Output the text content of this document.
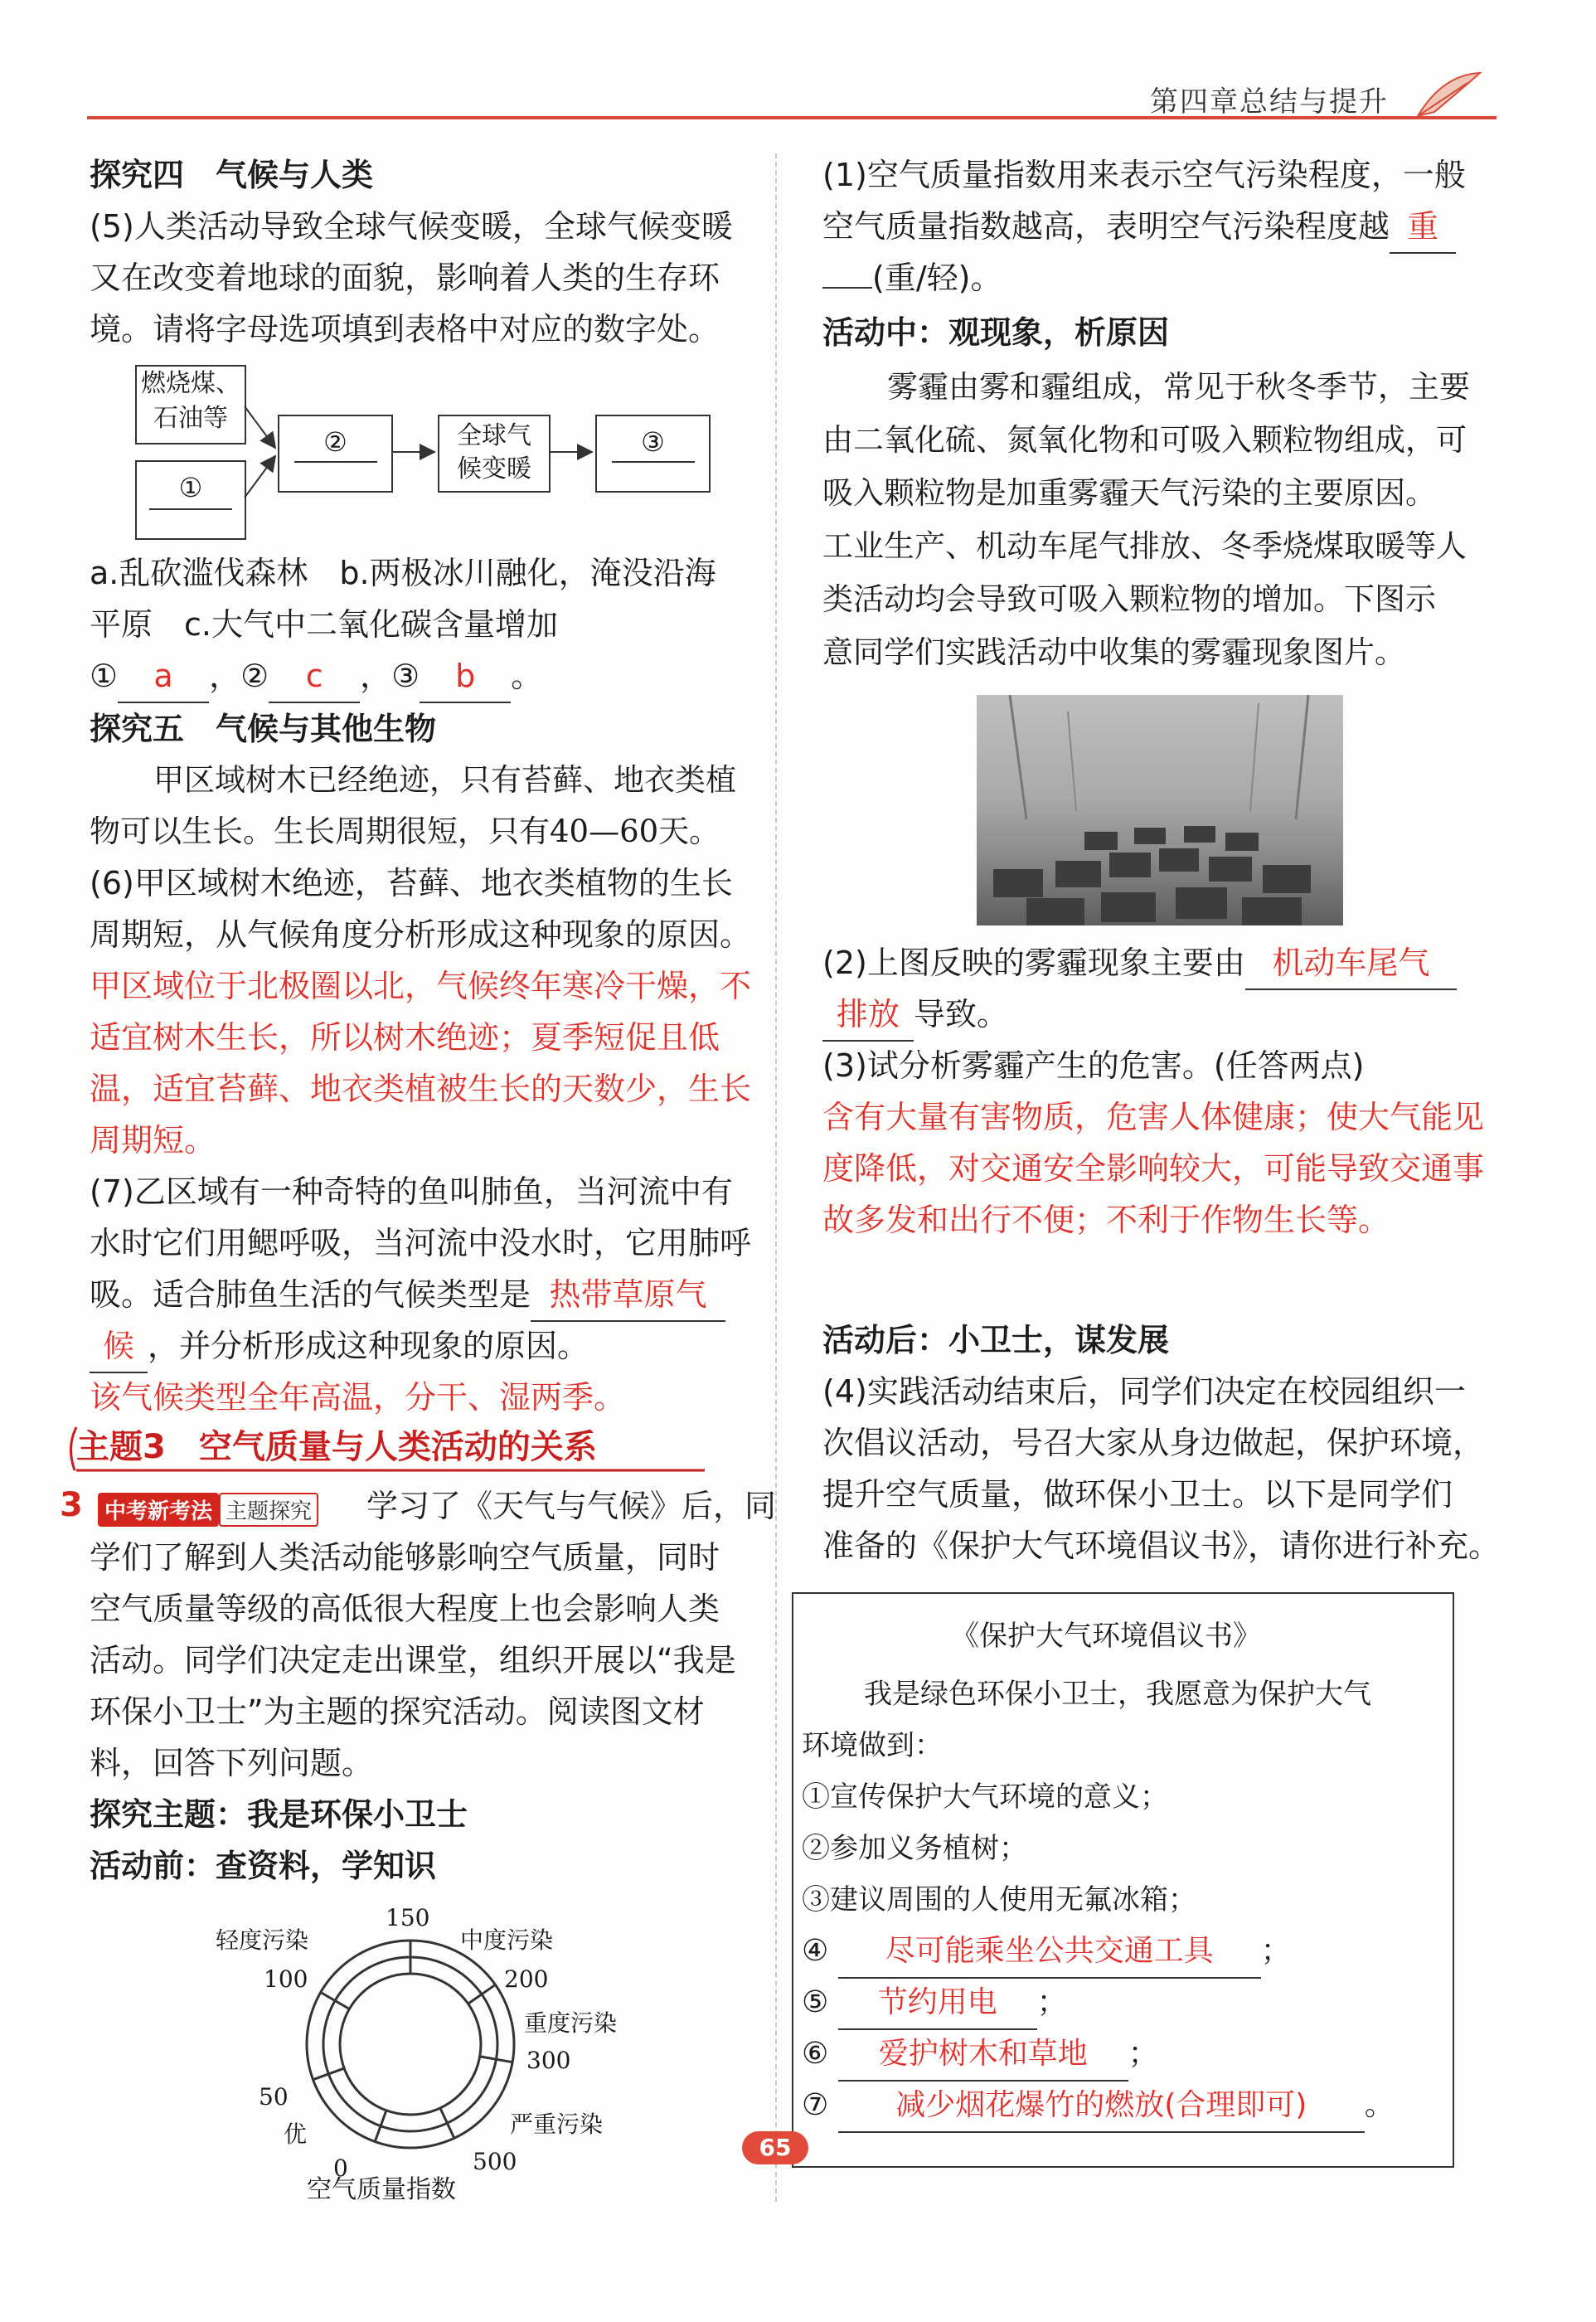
第四章总结与提升
探究四　气候与人类
(5)人类活动导致全球气候变暖，全球气候变暖
又在改变着地球的面貌，影响着人类的生存环
境。请将字母选项填到表格中对应的数字处。
燃烧煤、
石油等
①
②	全球气
候变暖
③
a.乱砍滥伐森林　b.两极冰川融化，淹没沿海
平原　c.大气中二氧化碳含量增加
① a ，② c ，③ b 。
探究五　气候与其他生物
甲区域树木已经绝迹，只有苔藓、地衣类植
物可以生长。生长周期很短，只有40—60天。
(6)甲区域树木绝迹，苔藓、地衣类植物的生长
周期短，从气候角度分析形成这种现象的原因。
甲区域位于北极圈以北，气候终年寒冷干燥，不
适宜树木生长，所以树木绝迹；夏季短促且低
温，适宜苔藓、地衣类植被生长的天数少，生长
周期短。
(7)乙区域有一种奇特的鱼叫肺鱼，当河流中有
水时它们用鳃呼吸，当河流中没水时，它用肺呼
吸。适合肺鱼生活的气候类型是 热带草原气
候 ，并分析形成这种现象的原因。
该气候类型全年高温，分干、湿两季。
主题3　空气质量与人类活动的关系
3	中考新考法 主题探究 学习了《天气与气候》后，同
学们了解到人类活动能够影响空气质量，同时
空气质量等级的高低很大程度上也会影响人类
活动。同学们决定走出课堂，组织开展以“我是
环保小卫士”为主题的探究活动。阅读图文材
料，回答下列问题。
探究主题：我是环保小卫士
活动前：查资料，学知识
150
200
300
500
0
50
100
轻度污染	中度污染
重度污染
严重污染
优
空气质量指数
(1)空气质量指数用来表示空气污染程度，一般
空气质量指数越高，表明空气污染程度越 重
(重/轻)。
活动中：观现象，析原因
雾霾由雾和霾组成，常见于秋冬季节，主要
由二氧化硫、氮氧化物和可吸入颗粒物组成，可
吸入颗粒物是加重雾霾天气污染的主要原因。
工业生产、机动车尾气排放、冬季烧煤取暖等人
类活动均会导致可吸入颗粒物的增加。下图示
意同学们实践活动中收集的雾霾现象图片。
(2)上图反映的雾霾现象主要由 机动车尾气
排放 导致。
(3)试分析雾霾产生的危害。(任答两点)
含有大量有害物质，危害人体健康；使大气能见
度降低，对交通安全影响较大，可能导致交通事
故多发和出行不便；不利于作物生长等。
活动后：小卫士，谋发展
(4)实践活动结束后，同学们决定在校园组织一
次倡议活动，号召大家从身边做起，保护环境，
提升空气质量，做环保小卫士。以下是同学们
准备的《保护大气环境倡议书》，请你进行补充。
《保护大气环境倡议书》
我是绿色环保小卫士，我愿意为保护大气
环境做到：
①宣传保护大气环境的意义；
②参加义务植树；
③建议周围的人使用无氟冰箱；
④ 尽可能乘坐公共交通工具 ；
⑤ 节约用电 ；
⑥ 爱护树木和草地 ；
⑦ 减少烟花爆竹的燃放(合理即可) 。
65
